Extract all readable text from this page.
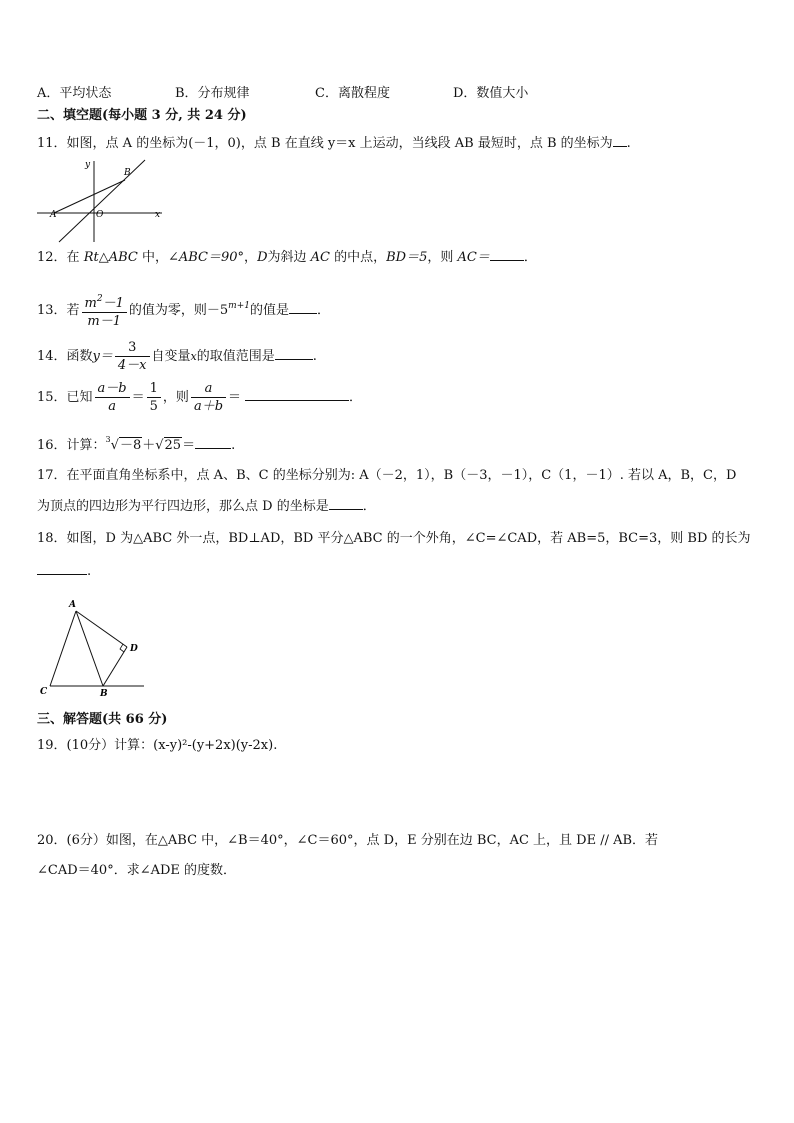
A．平均状态	B．分布规律	C．离散程度	D．数值大小
二、填空题(每小题 3 分, 共 24 分)
11．如图，点 A 的坐标为(－1，0)，点 B 在直线 y＝x 上运动，当线段 AB 最短时，点 B 的坐标为 .
y
B
A	O	x
12．在 Rt△ABC 中，∠ABC＝90°，D为斜边 AC 的中点，BD＝5，则 AC＝	．
13．若 $\frac{m^2-1}{m-1}$ 的值为零，则$-5^{m+1}$的值是 ．
14．函数$y= \frac{3}{4-x}$ 自变量x的取值范围是	.
15．已知 $\frac{a-b}{a} = \frac{1}{5}$ ，则 $\frac{a}{a+b}$ ＝	．
16．计算：$^3$√－8＋√25＝	.
17．在平面直角坐标系中，点 A、B、C 的坐标分别为: A（－2，1），B（－3，－1），C（1，－1）. 若以 A，B，C，D
为顶点的四边形为平行四边形，那么点 D 的坐标是	．
18．如图，D 为△ABC 外一点，BD⊥AD，BD 平分△ABC 的一个外角，∠C=∠CAD，若 AB=5，BC=3，则 BD 的长为
.
A
D
C	B
三、解答题(共 66 分)
19．(10分）计算：(x-y)²-(y+2x)(y-2x).
20．(6分）如图，在△ABC 中，∠B＝40°，∠C＝60°，点 D，E 分别在边 BC，AC 上，且 DE // AB．若
∠CAD＝40°．求∠ADE 的度数．
